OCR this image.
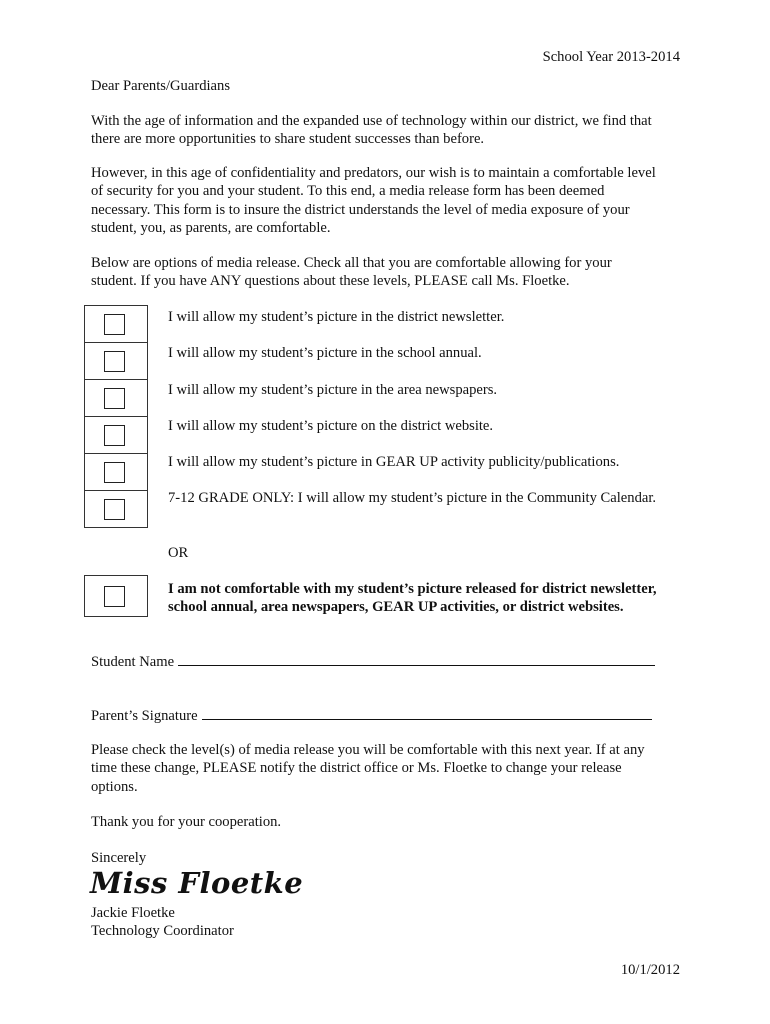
School Year 2013-2014
Dear Parents/Guardians
With the age of information and the expanded use of technology within our district, we find that
there are more opportunities to share student successes than before.
However, in this age of confidentiality and predators, our wish is to maintain a comfortable level
of security for you and your student. To this end, a media release form has been deemed
necessary. This form is to insure the district understands the level of media exposure of your
student, you, as parents, are comfortable.
Below are options of media release. Check all that you are comfortable allowing for your
student. If you have ANY questions about these levels, PLEASE call Ms. Floetke.
I will allow my student’s picture in the district newsletter.
I will allow my student’s picture in the school annual.
I will allow my student’s picture in the area newspapers.
I will allow my student’s picture on the district website.
I will allow my student’s picture in GEAR UP activity publicity/publications.
7-12 GRADE ONLY: I will allow my student’s picture in the Community Calendar.
OR
I am not comfortable with my student’s picture released for district newsletter,
school annual, area newspapers, GEAR UP activities, or district websites.
Student Name
Parent’s Signature
Please check the level(s) of media release you will be comfortable with this next year. If at any
time these change, PLEASE notify the district office or Ms. Floetke to change your release
options.
Thank you for your cooperation.
Sincerely
Miss Floetke
Jackie Floetke
Technology Coordinator
10/1/2012
